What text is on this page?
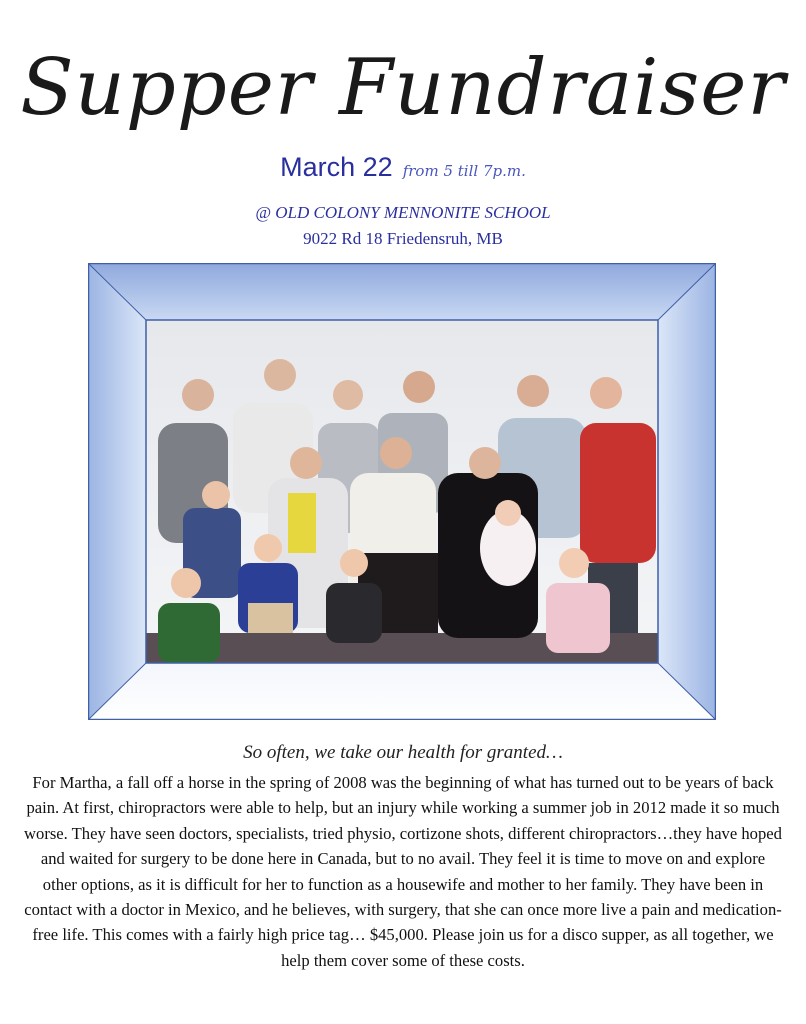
Supper Fundraiser
March 22 from 5 till 7p.m.
@ OLD COLONY MENNONITE SCHOOL
9022 Rd 18 Friedensruh, MB
So often, we take our health for granted…

For Martha, a fall off a horse in the spring of 2008 was the beginning of what has turned out to be years of back pain. At first, chiropractors were able to help, but an injury while working a summer job in 2012 made it so much worse. They have seen doctors, specialists, tried physio, cortizone shots, different chiropractors…they have hoped and waited for surgery to be done here in Canada, but to no avail. They feel it is time to move on and explore other options, as it is difficult for her to function as a housewife and mother to her family. They have been in contact with a doctor in Mexico, and he believes, with surgery, that she can once more live a pain and medication-free life. This comes with a fairly high price tag… $45,000. Please join us for a disco supper, as all together, we help them cover some of these costs.
